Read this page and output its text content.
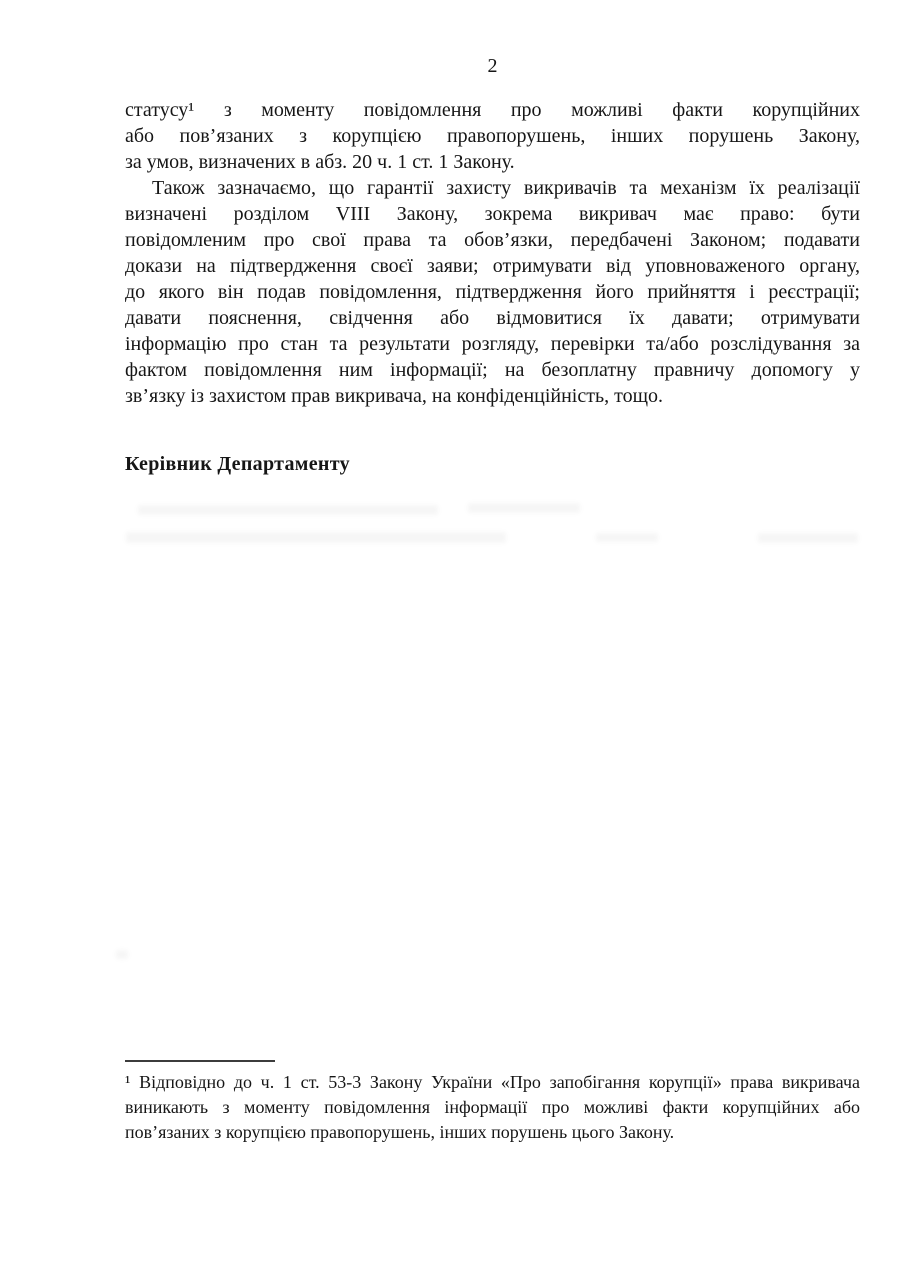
2
статусу¹ з моменту повідомлення про можливі факти корупційних
або пов’язаних з корупцією правопорушень, інших порушень Закону,
за умов, визначених в абз. 20 ч. 1 ст. 1 Закону.
Також зазначаємо, що гарантії захисту викривачів та механізм їх реалізації
визначені розділом VIII Закону, зокрема викривач має право: бути
повідомленим про свої права та обов’язки, передбачені Законом; подавати
докази на підтвердження своєї заяви; отримувати від уповноваженого органу,
до якого він подав повідомлення, підтвердження його прийняття і реєстрації;
давати пояснення, свідчення або відмовитися їх давати; отримувати
інформацію про стан та результати розгляду, перевірки та/або розслідування за
фактом повідомлення ним інформації; на безоплатну правничу допомогу у
зв’язку із захистом прав викривача, на конфіденційність, тощо.
Керівник Департаменту
¹ Відповідно до ч. 1 ст. 53-3 Закону України «Про запобігання корупції» права викривача
виникають з моменту повідомлення інформації про можливі факти корупційних або
пов’язаних з корупцією правопорушень, інших порушень цього Закону.
